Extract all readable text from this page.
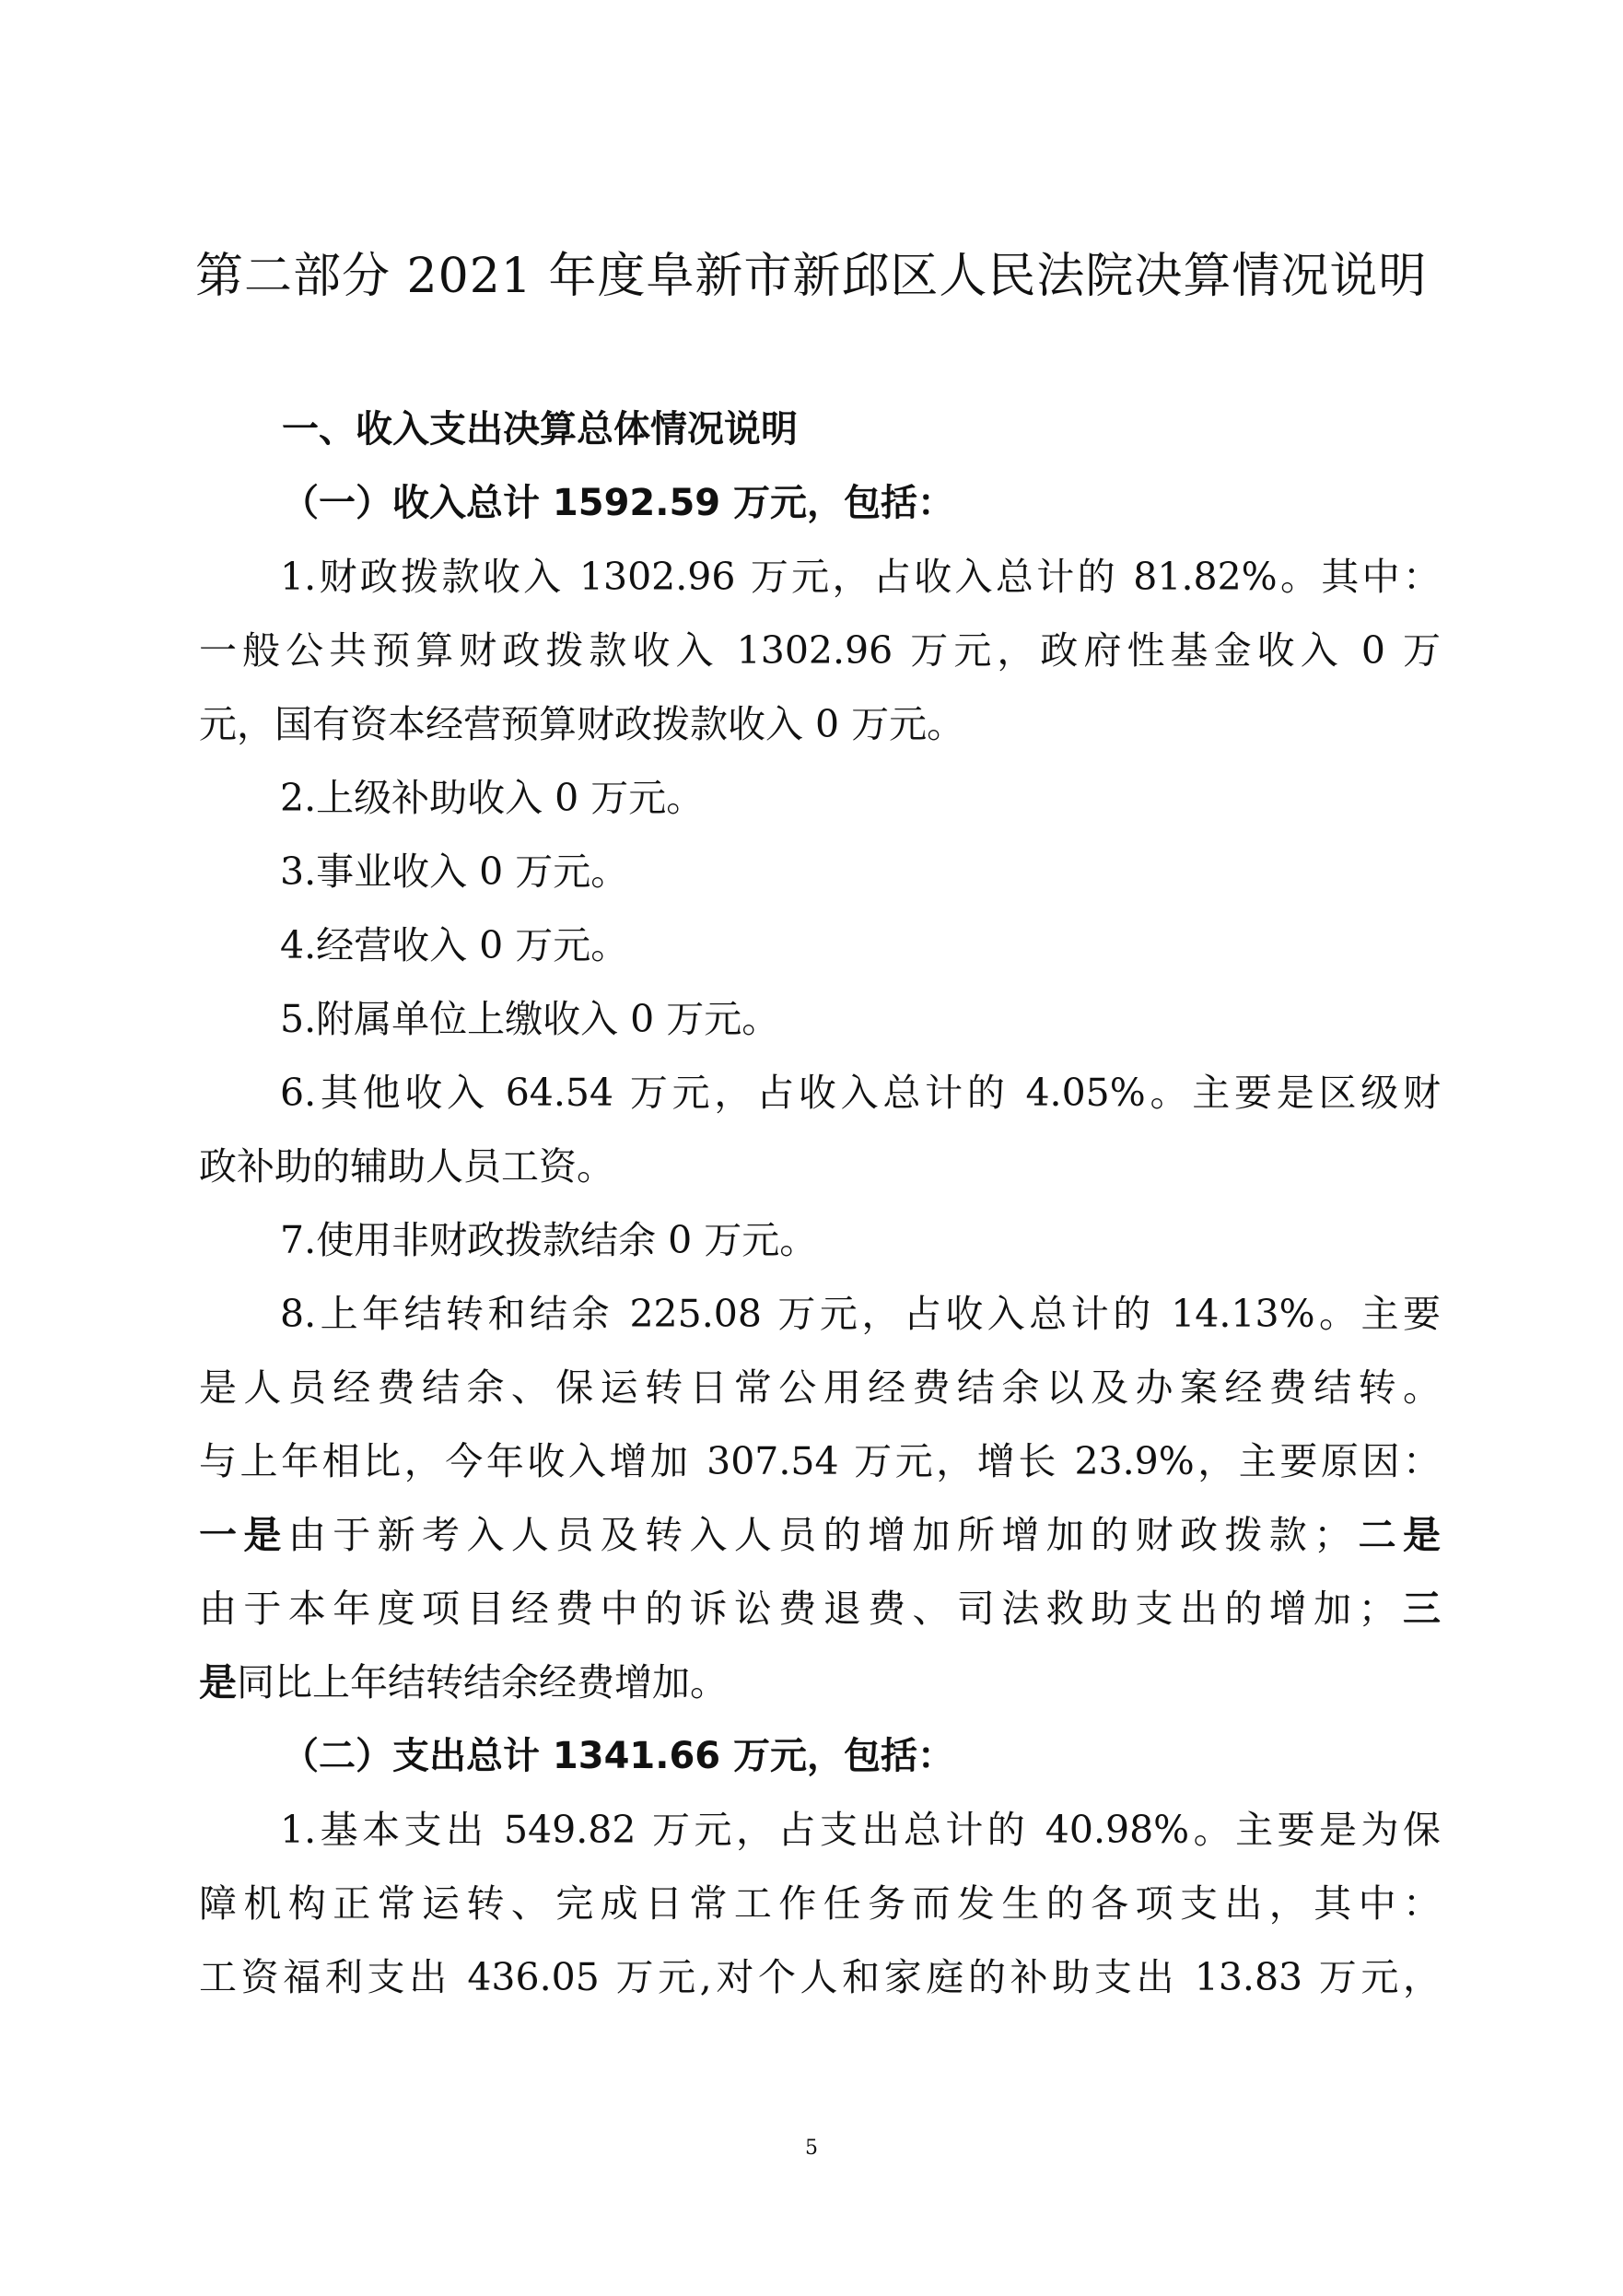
第二部分 2021 年度阜新市新邱区人民法院决算情况说明
一、收入支出决算总体情况说明
（一）收入总计 1592.59 万元，包括：
1.财政拨款收入 1302.96 万元，占收入总计的 81.82%。其中：
一般公共预算财政拨款收入 1302.96 万元，政府性基金收入 0 万
元，国有资本经营预算财政拨款收入 0 万元。
2.上级补助收入 0 万元。
3.事业收入 0 万元。
4.经营收入 0 万元。
5.附属单位上缴收入 0 万元。
6.其他收入 64.54 万元，占收入总计的 4.05%。主要是区级财
政补助的辅助人员工资。
7.使用非财政拨款结余 0 万元。
8.上年结转和结余 225.08 万元，占收入总计的 14.13%。主要
是人员经费结余、保运转日常公用经费结余以及办案经费结转。
与上年相比，今年收入增加 307.54 万元，增长 23.9%，主要原因：
一是由于新考入人员及转入人员的增加所增加的财政拨款；二是
由于本年度项目经费中的诉讼费退费、司法救助支出的增加；三
是同比上年结转结余经费增加。
（二）支出总计 1341.66 万元，包括：
1.基本支出 549.82 万元，占支出总计的 40.98%。主要是为保
障机构正常运转、完成日常工作任务而发生的各项支出，其中：
工资福利支出 436.05 万元,对个人和家庭的补助支出 13.83 万元，
5
